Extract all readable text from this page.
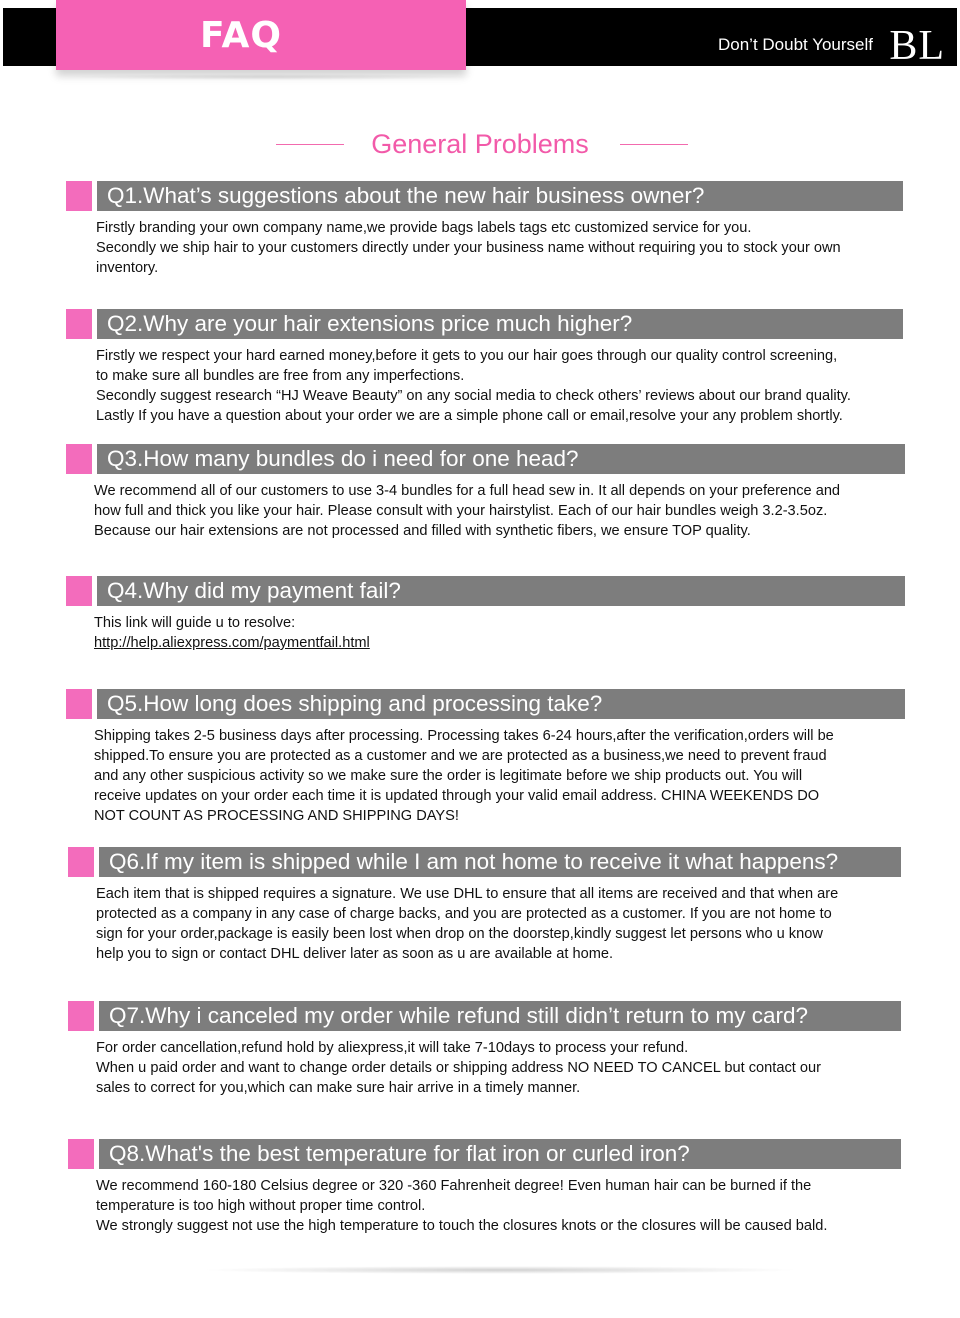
Don’t Doubt Yourself BL
FAQ
General Problems
Q1.What’s suggestions about the new hair business owner?

Firstly branding your own company name,we provide bags labels tags etc customized service for you.

Secondly we ship hair to your customers directly under your business name without requiring you to stock your own

inventory.

Q2.Why are your hair extensions price much higher?

Firstly we respect your hard earned money,before it gets to you our hair goes through our quality control screening,

to make sure all bundles are free from any imperfections.

Secondly suggest research “HJ Weave Beauty” on any social media to check others’ reviews about our brand quality.

Lastly If you have a question about your order we are a simple phone call or email,resolve your any problem shortly.

Q3.How many bundles do i need for one head?

We recommend all of our customers to use 3-4 bundles for a full head sew in. It all depends on your preference and

how full and thick you like your hair. Please consult with your hairstylist. Each of our hair bundles weigh 3.2-3.5oz.

Because our hair extensions are not processed and filled with synthetic fibers, we ensure TOP quality.

Q4.Why did my payment fail?

This link will guide u to resolve:

http://help.aliexpress.com/paymentfail.html

Q5.How long does shipping and processing take?

Shipping takes 2-5 business days after processing. Processing takes 6-24 hours,after the verification,orders will be

shipped.To ensure you are protected as a customer and we are protected as a business,we need to prevent fraud

and any other suspicious activity so we make sure the order is legitimate before we ship products out. You will

receive updates on your order each time it is updated through your valid email address. CHINA WEEKENDS DO

NOT COUNT AS PROCESSING AND SHIPPING DAYS!

Q6.If my item is shipped while I am not home to receive it what happens?

Each item that is shipped requires a signature. We use DHL to ensure that all items are received and that when are

protected as a company in any case of charge backs, and you are protected as a customer. If you are not home to

sign for your order,package is easily been lost when drop on the doorstep,kindly suggest let persons who u know

help you to sign or contact DHL deliver later as soon as u are available at home.

Q7.Why i canceled my order while refund still didn’t return to my card?

For order cancellation,refund hold by aliexpress,it will take 7-10days to process your refund.

When u paid order and want to change order details or shipping address NO NEED TO CANCEL but contact our

sales to correct for you,which can make sure hair arrive in a timely manner.

Q8.What's the best temperature for flat iron or curled iron?

We recommend 160-180 Celsius degree or 320 -360 Fahrenheit degree! Even human hair can be burned if the

temperature is too high without proper time control.

We strongly suggest not use the high temperature to touch the closures knots or the closures will be caused bald.
